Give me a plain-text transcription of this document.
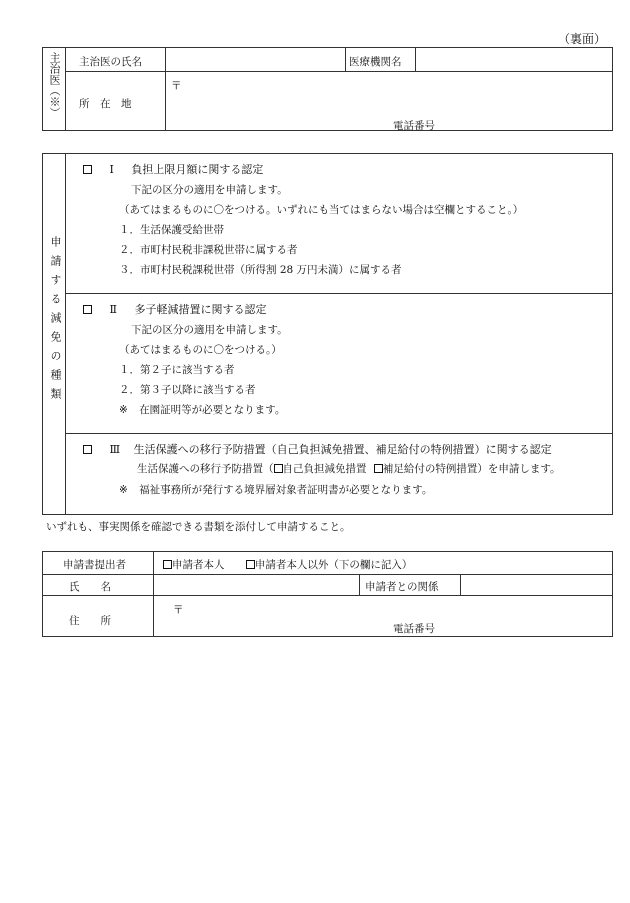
（裏面）
主治医（※） 主治医の氏名	医療機関名
所　在　地
〒
電話番号
申請する減免の種類
Ⅰ 負担上限月額に関する認定
下記の区分の適用を申請します。
（あてはまるものに〇をつける。いずれにも当てはまらない場合は空欄とすること。）
１．生活保護受給世帯
２．市町村民税非課税世帯に属する者
３．市町村民税課税世帯（所得割 28 万円未満）に属する者
Ⅱ 多子軽減措置に関する認定
下記の区分の適用を申請します。
（あてはまるものに〇をつける。）
１．第２子に該当する者
２．第３子以降に該当する者
※ 在園証明等が必要となります。
Ⅲ 生活保護への移行予防措置（自己負担減免措置、補足給付の特例措置）に関する認定
生活保護への移行予防措置（ 自己負担減免措置 補足給付の特例措置）を申請します。
※ 福祉事務所が発行する境界層対象者証明書が必要となります。
いずれも、事実関係を確認できる書類を添付して申請すること。
申請書提出者	申請者本人	申請者本人以外（下の欄に記入）
氏　　名	申請者との関係
住　　所
〒
電話番号
